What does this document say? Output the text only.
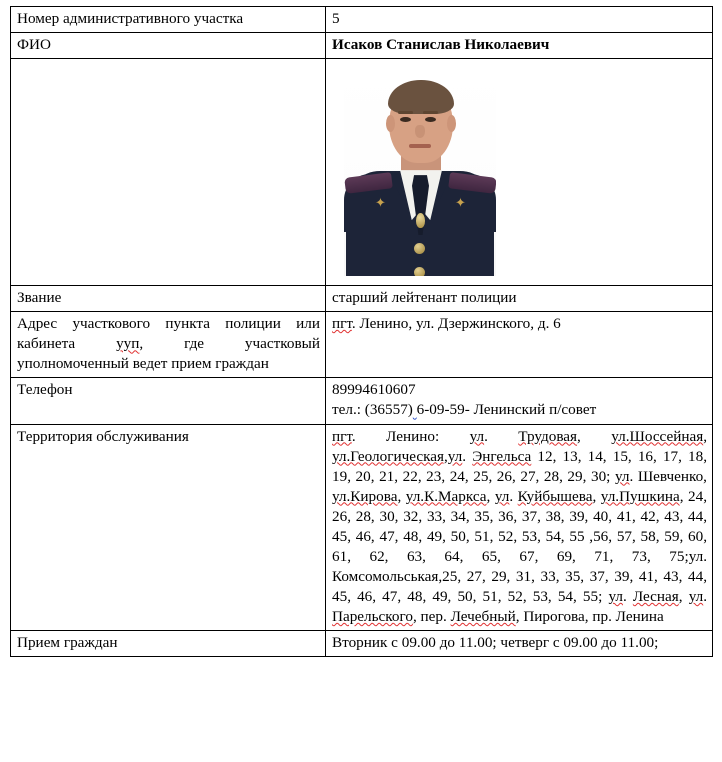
Номер административного участка	5
ФИО	Исаков Станислав Николаевич

	✦ ✦

Звание	старший лейтенант полиции
Адрес участкового пункта полиции или кабинета ууп, где участковый уполномоченный ведет прием граждан	пгт. Ленино, ул. Дзержинского, д. 6
Телефон	89994610607
тел.: (36557) 6-09-59- Ленинский п/совет

Территория обслуживания	пгт. Ленино: ул. Трудовая, ул.Шоссейная, ул.Геологическая,ул. Энгельса 12, 13, 14, 15, 16, 17, 18, 19, 20, 21, 22, 23, 24, 25, 26, 27, 28, 29, 30; ул. Шевченко, ул.Кирова, ул.К.Маркса, ул. Куйбышева, ул.Пушкина, 24, 26, 28, 30, 32, 33, 34, 35, 36, 37, 38, 39, 40, 41, 42, 43, 44, 45, 46, 47, 48, 49, 50, 51, 52, 53, 54, 55 ,56, 57, 58, 59, 60, 61, 62, 63, 64, 65, 67, 69, 71, 73, 75;ул. Комсомольськая,25, 27, 29, 31, 33, 35, 37, 39, 41, 43, 44, 45, 46, 47, 48, 49, 50, 51, 52, 53, 54, 55; ул. Лесная, ул. Парельского, пер. Лечебный, Пирогова, пр. Ленина
Прием граждан	Вторник с 09.00 до 11.00; четверг с 09.00 до 11.00;
